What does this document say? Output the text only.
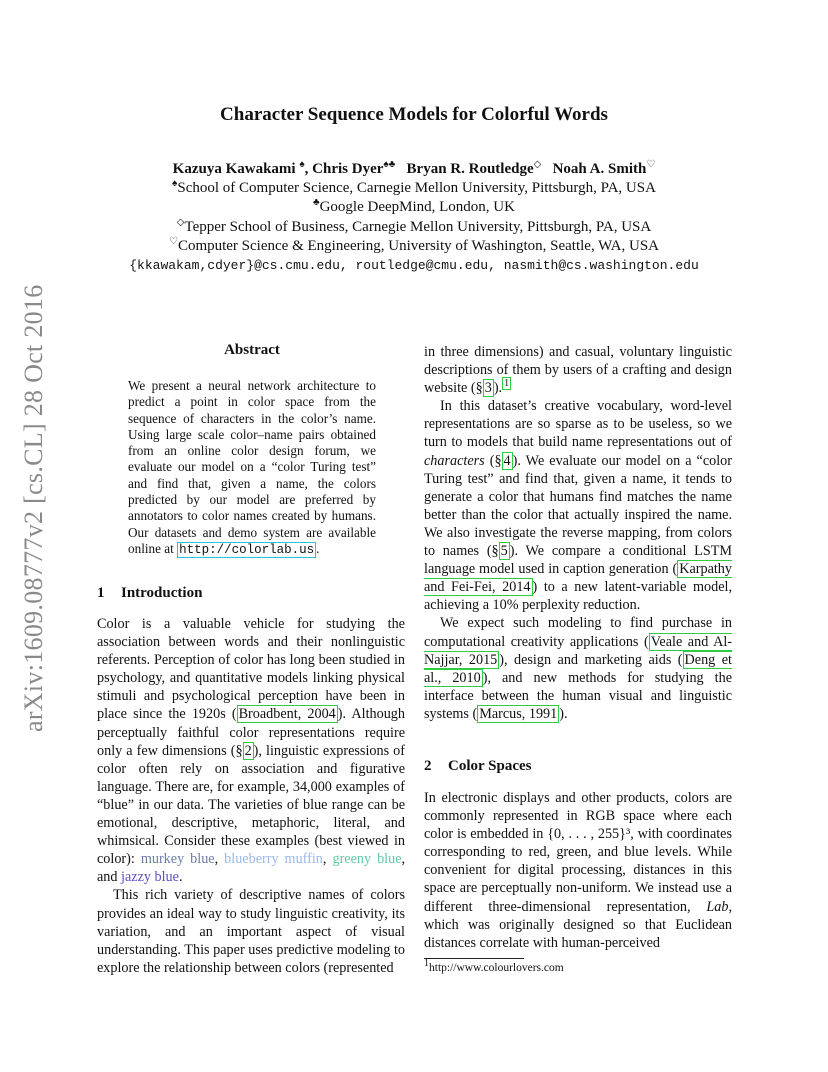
arXiv:1609.08777v2 [cs.CL] 28 Oct 2016
Character Sequence Models for Colorful Words
Kazuya Kawakami ♠, Chris Dyer♠♣ Bryan R. Routledge◇ Noah A. Smith♡
♠School of Computer Science, Carnegie Mellon University, Pittsburgh, PA, USA
♣Google DeepMind, London, UK
◇Tepper School of Business, Carnegie Mellon University, Pittsburgh, PA, USA
♡Computer Science & Engineering, University of Washington, Seattle, WA, USA
{kkawakam,cdyer}@cs.cmu.edu, routledge@cmu.edu, nasmith@cs.washington.edu
Abstract
We present a neural network architecture to predict a point in color space from the sequence of characters in the color’s name. Using large scale color–name pairs obtained from an online color design forum, we evaluate our model on a “color Turing test” and find that, given a name, the colors predicted by our model are preferred by annotators to color names created by humans. Our datasets and demo system are available online at http://colorlab.us .
1 Introduction

Color is a valuable vehicle for studying the association between words and their nonlinguistic referents. Perception of color has long been studied in psychology, and quantitative models linking physical stimuli and psychological perception have been in place since the 1920s ( Broadbent, 2004 ). Although perceptually faithful color representations require only a few dimensions (§ 2 ), linguistic expressions of color often rely on association and figurative language. There are, for example, 34,000 examples of “blue” in our data. The varieties of blue range can be emotional, descriptive, metaphoric, literal, and whimsical. Consider these examples (best viewed in color): murkey blue, blueberry muffin, greeny blue, and jazzy blue.

This rich variety of descriptive names of colors provides an ideal way to study linguistic creativity, its variation, and an important aspect of visual understanding. This paper uses predictive modeling to explore the relationship between colors (represented

in three dimensions) and casual, voluntary linguistic descriptions of them by users of a crafting and design website (§ 3 ). $^1$

In this dataset’s creative vocabulary, word-level representations are so sparse as to be useless, so we turn to models that build name representations out of characters (§ 4 ). We evaluate our model on a “color Turing test” and find that, given a name, it tends to generate a color that humans find matches the name better than the color that actually inspired the name. We also investigate the reverse mapping, from colors to names (§ 5 ). We compare a conditional LSTM language model used in caption generation ( Karpathy and Fei-Fei, 2014 ) to a new latent-variable model, achieving a 10% perplexity reduction.

We expect such modeling to find purchase in computational creativity applications ( Veale and Al-Najjar, 2015 ), design and marketing aids ( Deng et al., 2010 ), and new methods for studying the interface between the human visual and linguistic systems ( Marcus, 1991 ).

2 Color Spaces

In electronic displays and other products, colors are commonly represented in RGB space where each color is embedded in {0, . . . , 255}³, with coordinates corresponding to red, green, and blue levels. While convenient for digital processing, distances in this space are perceptually non-uniform. We instead use a different three-dimensional representation, Lab, which was originally designed so that Euclidean distances correlate with human-perceived

$^1$http://www.colourlovers.com
